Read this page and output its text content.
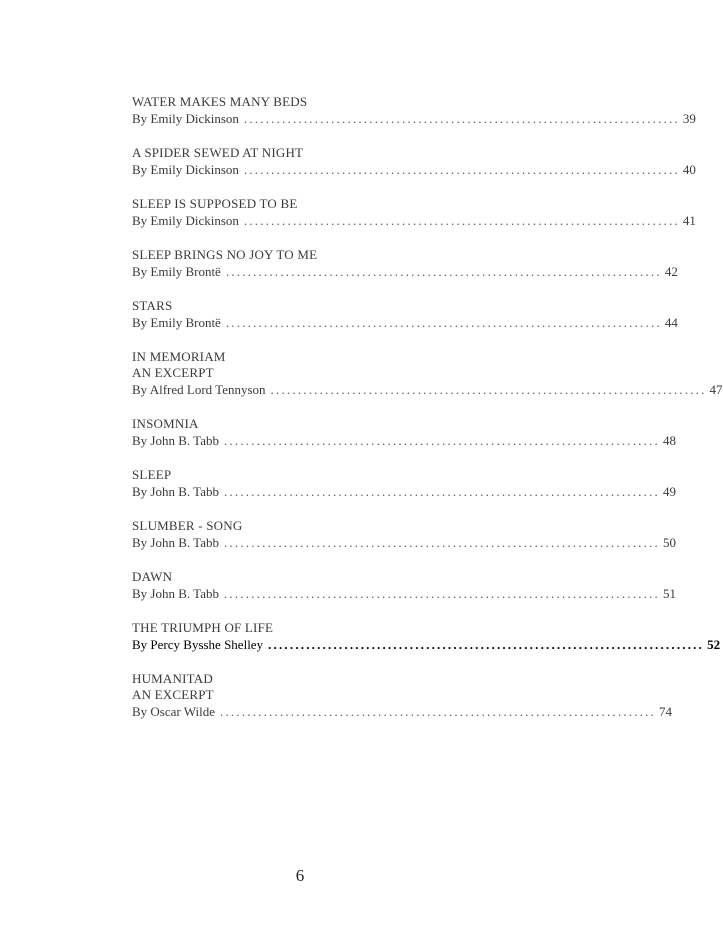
WATER MAKES MANY BEDS
By Emily Dickinson ................................................................................ 39
A SPIDER SEWED AT NIGHT
By Emily Dickinson ................................................................................ 40
SLEEP IS SUPPOSED TO BE
By Emily Dickinson ................................................................................ 41
SLEEP BRINGS NO JOY TO ME
By Emily Brontë ................................................................................ 42
STARS
By Emily Brontë ................................................................................ 44
IN MEMORIAM
AN EXCERPT
By Alfred Lord Tennyson ................................................................................ 47
INSOMNIA
By John B. Tabb ................................................................................ 48
SLEEP
By John B. Tabb ................................................................................ 49
SLUMBER - SONG
By John B. Tabb ................................................................................ 50
DAWN
By John B. Tabb ................................................................................ 51
THE TRIUMPH OF LIFE
By Percy Bysshe Shelley ................................................................................ 52
HUMANITAD
AN EXCERPT
By Oscar Wilde ................................................................................ 74
6
